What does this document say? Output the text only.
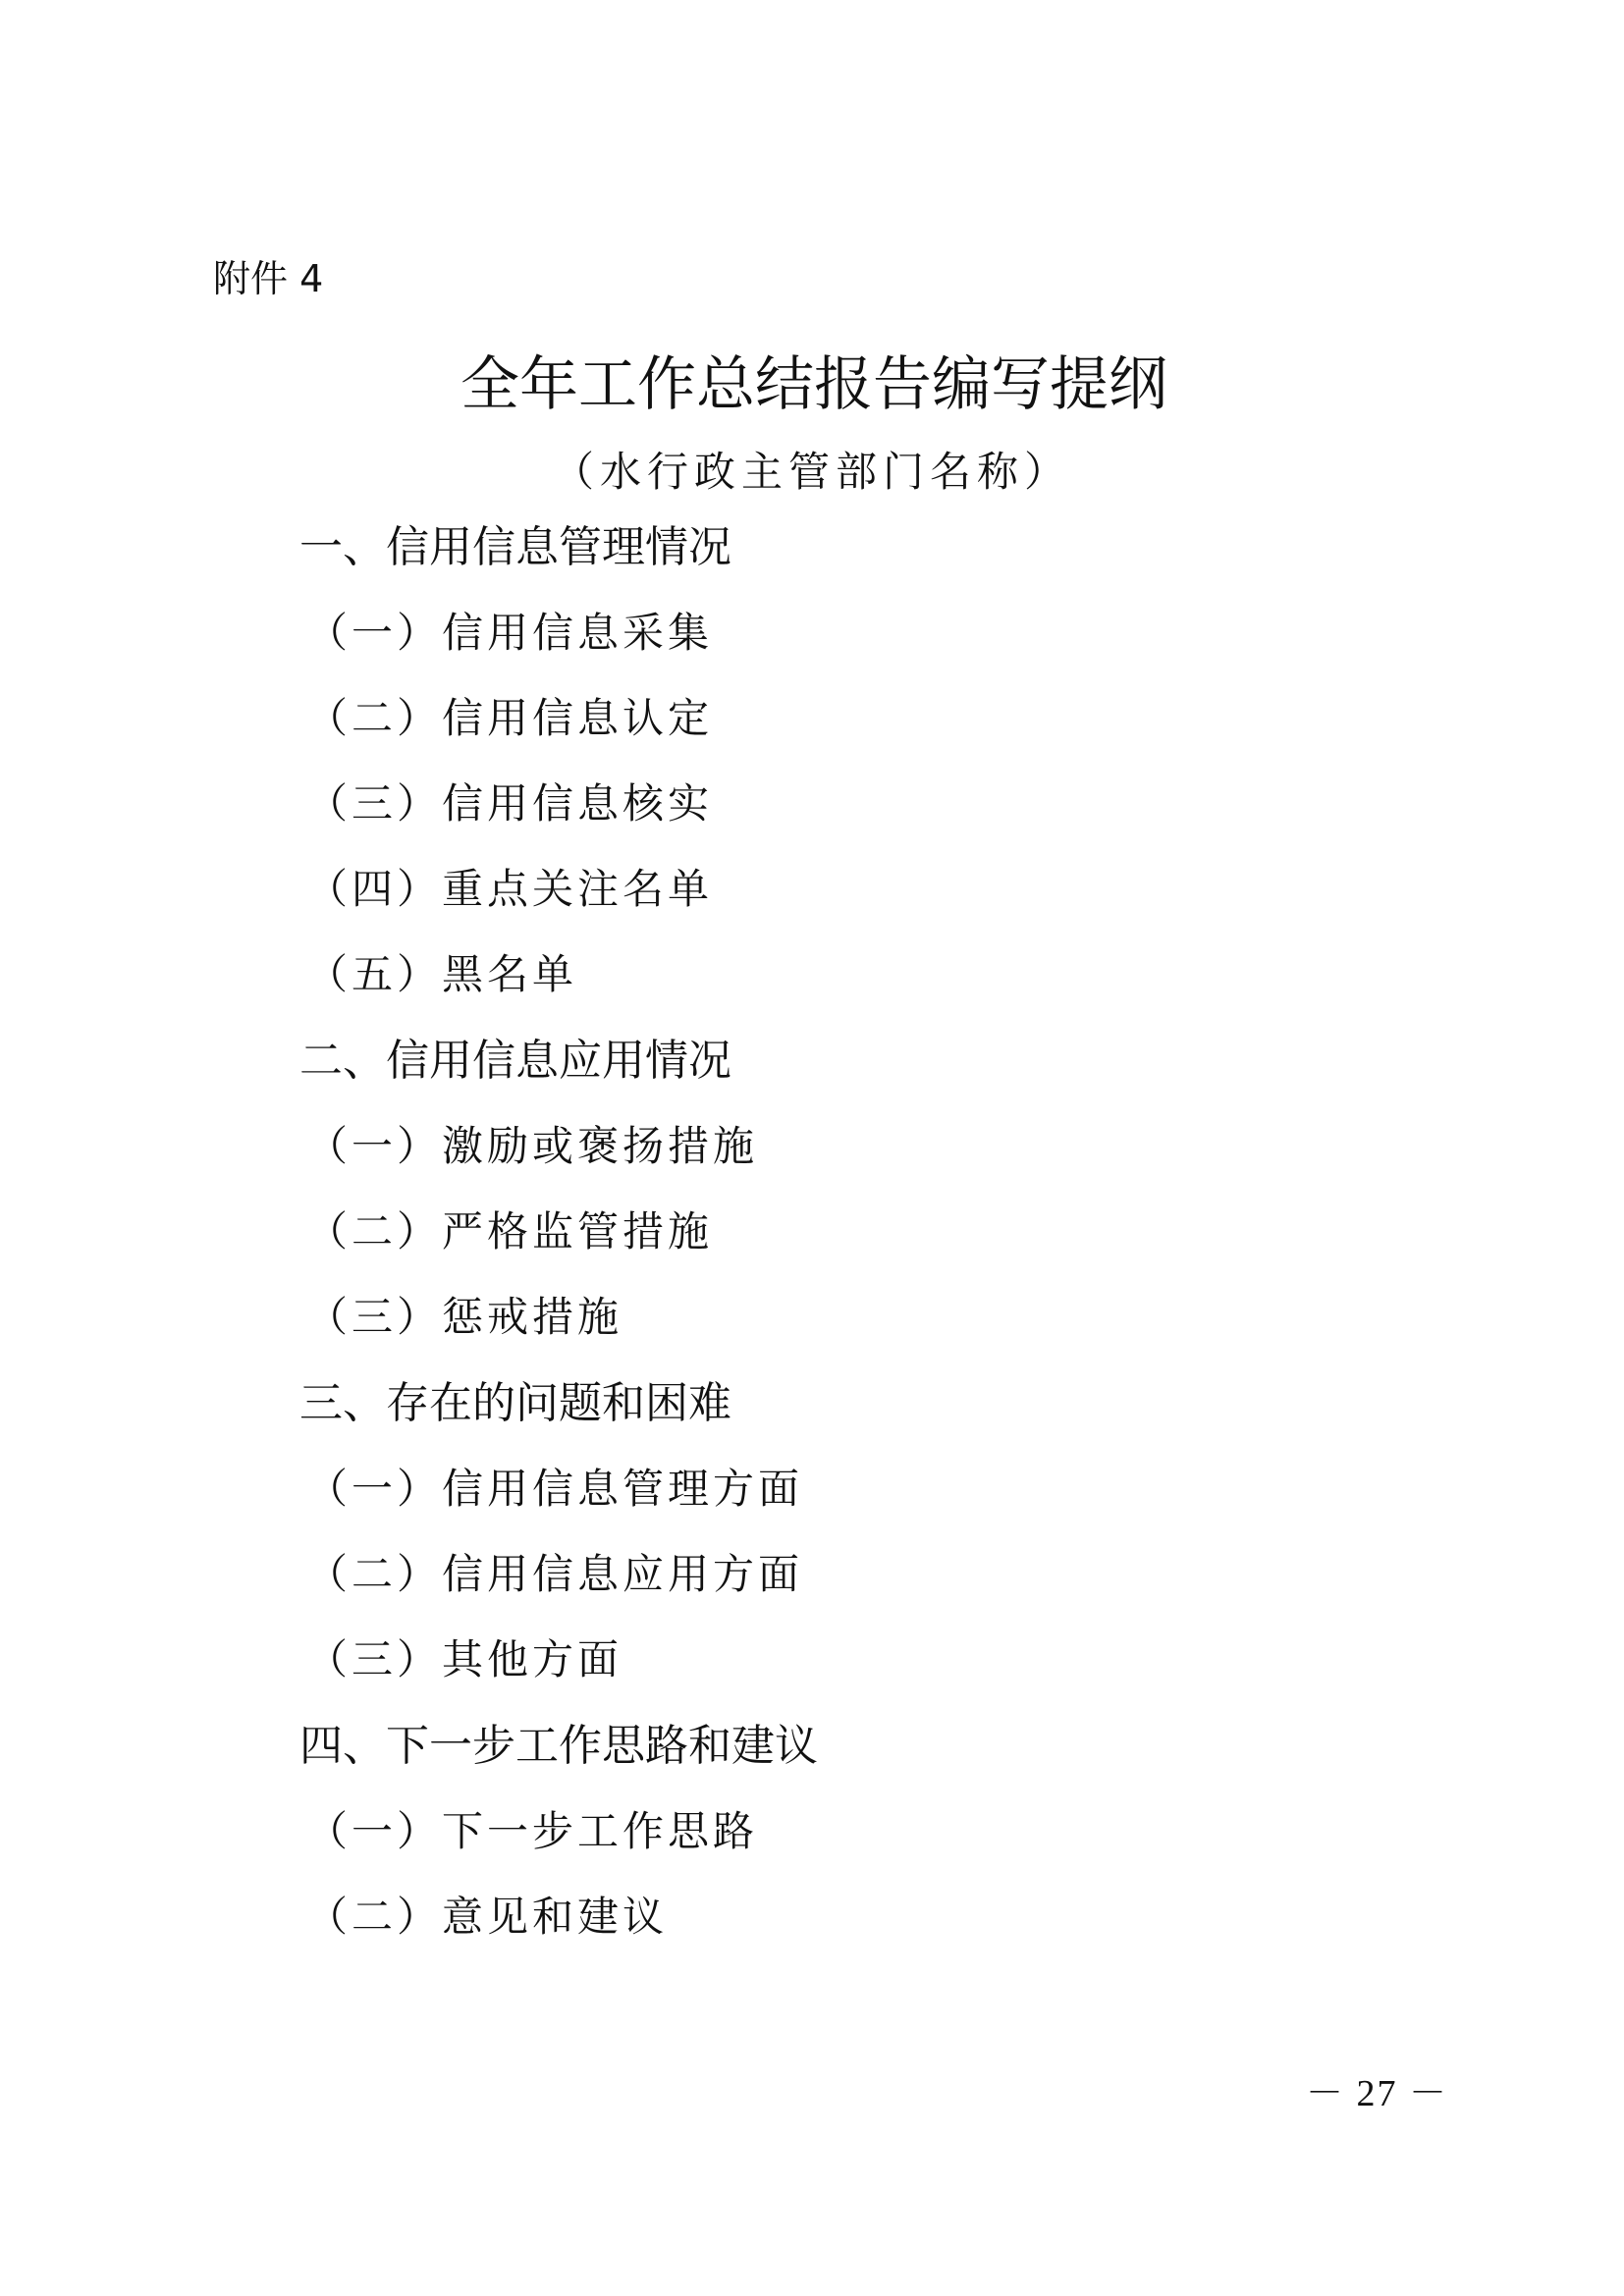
附件 4
全年工作总结报告编写提纲
（水行政主管部门名称）
一、信用信息管理情况
（一）信用信息采集
（二）信用信息认定
（三）信用信息核实
（四）重点关注名单
（五）黑名单
二、信用信息应用情况
（一）激励或褒扬措施
（二）严格监管措施
（三）惩戒措施
三、存在的问题和困难
（一）信用信息管理方面
（二）信用信息应用方面
（三）其他方面
四、下一步工作思路和建议
（一）下一步工作思路
（二）意见和建议
－ 27 －
